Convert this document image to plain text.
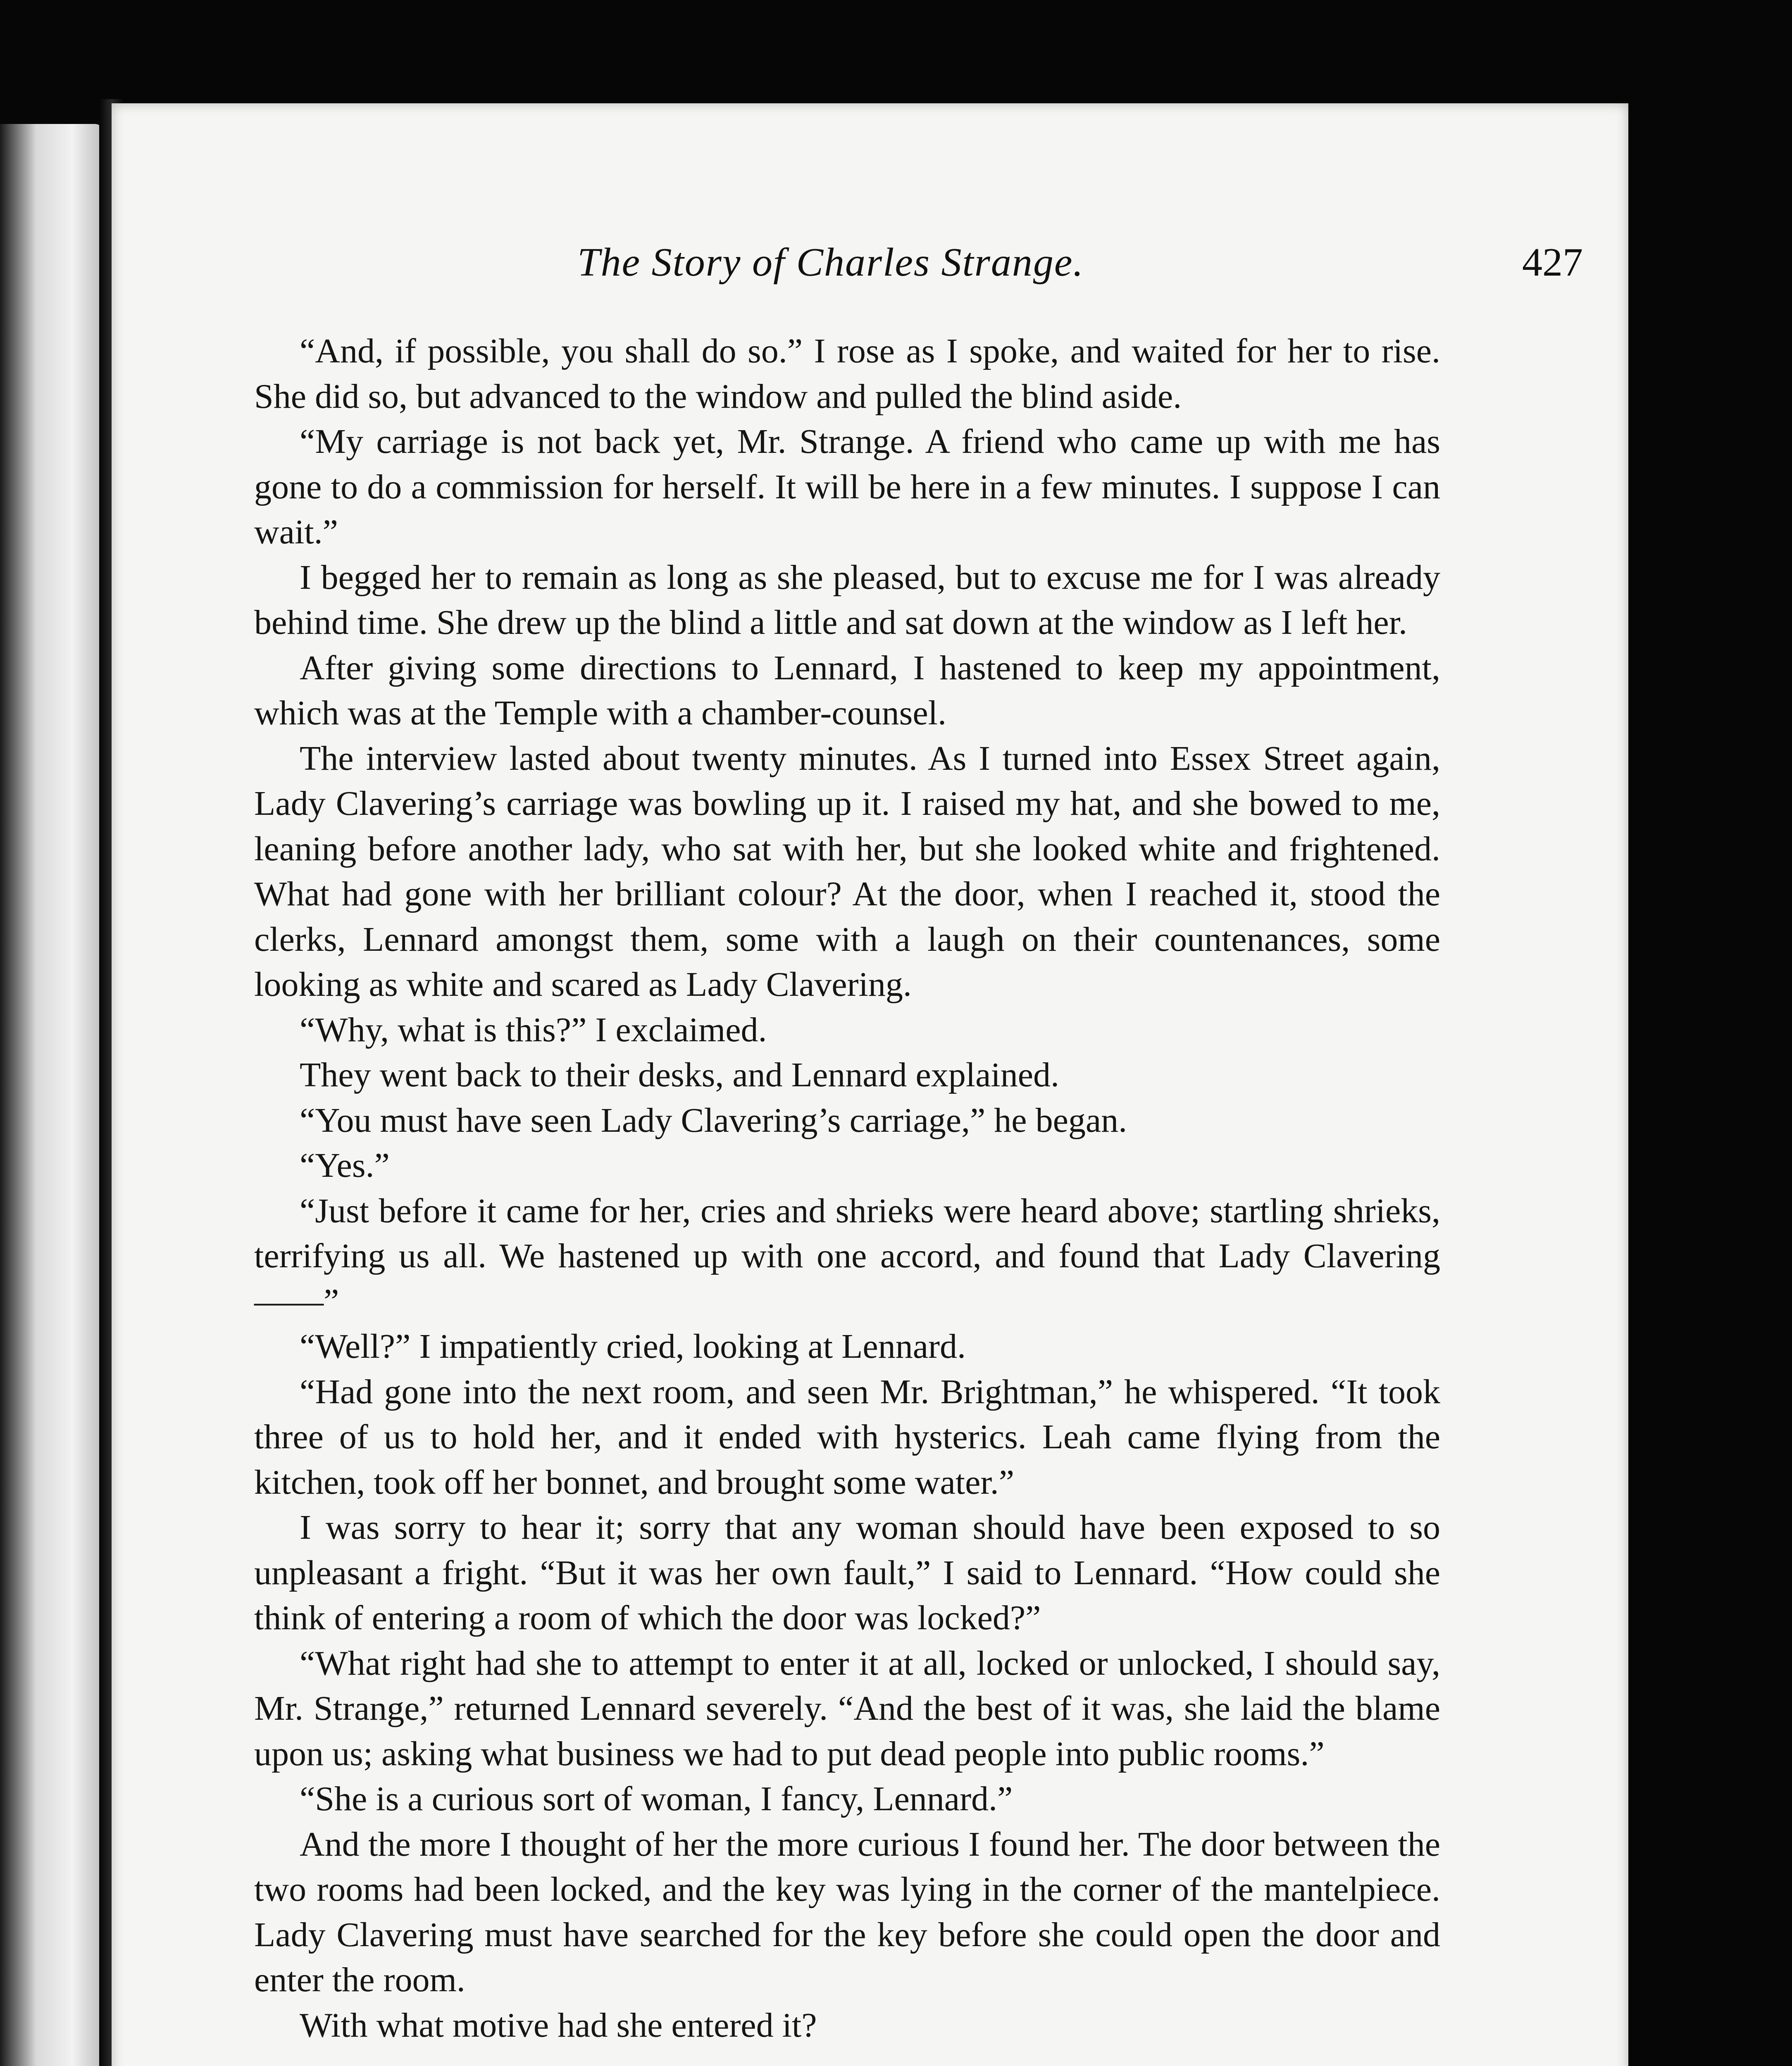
The Story of Charles Strange.	427

“And, if possible, you shall do so.” I rose as I spoke, and waited for her to rise. She did so, but advanced to the window and pulled the blind aside.

“My carriage is not back yet, Mr. Strange. A friend who came up with me has gone to do a commission for herself. It will be here in a few minutes. I suppose I can wait.”

I begged her to remain as long as she pleased, but to excuse me for I was already behind time. She drew up the blind a little and sat down at the window as I left her.

After giving some directions to Lennard, I hastened to keep my appointment, which was at the Temple with a chamber-counsel.

The interview lasted about twenty minutes. As I turned into Essex Street again, Lady Clavering’s carriage was bowling up it. I raised my hat, and she bowed to me, leaning before another lady, who sat with her, but she looked white and frightened. What had gone with her brilliant colour? At the door, when I reached it, stood the clerks, Lennard amongst them, some with a laugh on their countenances, some looking as white and scared as Lady Clavering.

“Why, what is this?” I exclaimed.

They went back to their desks, and Lennard explained.

“You must have seen Lady Clavering’s carriage,” he began.

“Yes.”

“Just before it came for her, cries and shrieks were heard above; startling shrieks, terrifying us all. We hastened up with one accord, and found that Lady Clavering ——”

“Well?” I impatiently cried, looking at Lennard.

“Had gone into the next room, and seen Mr. Brightman,” he whispered. “It took three of us to hold her, and it ended with hysterics. Leah came flying from the kitchen, took off her bonnet, and brought some water.”

I was sorry to hear it; sorry that any woman should have been exposed to so unpleasant a fright. “But it was her own fault,” I said to Lennard. “How could she think of entering a room of which the door was locked?”

“What right had she to attempt to enter it at all, locked or unlocked, I should say, Mr. Strange,” returned Lennard severely. “And the best of it was, she laid the blame upon us; asking what business we had to put dead people into public rooms.”

“She is a curious sort of woman, I fancy, Lennard.”

And the more I thought of her the more curious I found her. The door between the two rooms had been locked, and the key was lying in the corner of the mantelpiece. Lady Clavering must have searched for the key before she could open the door and enter the room.

With what motive had she entered it?
